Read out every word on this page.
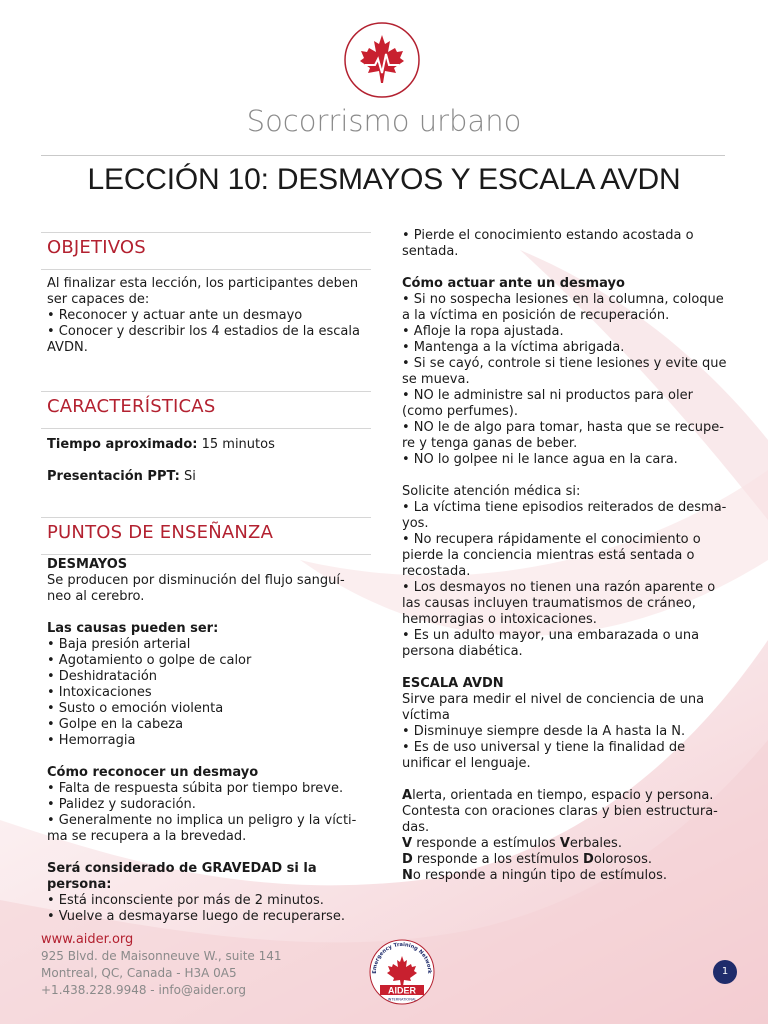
Socorrismo urbano
LECCIÓN 10: DESMAYOS Y ESCALA AVDN
OBJETIVOS
Al finalizar esta lección, los participantes deben
ser capaces de:
• Reconocer y actuar ante un desmayo
• Conocer y describir los 4 estadios de la escala
AVDN.
CARACTERÍSTICAS
Tiempo aproximado: 15 minutos
Presentación PPT: Si
PUNTOS DE ENSEÑANZA
DESMAYOS
Se producen por disminución del flujo sanguí-
neo al cerebro.
Las causas pueden ser:
• Baja presión arterial
• Agotamiento o golpe de calor
• Deshidratación
• Intoxicaciones
• Susto o emoción violenta
• Golpe en la cabeza
• Hemorragia
Cómo reconocer un desmayo
• Falta de respuesta súbita por tiempo breve.
• Palidez y sudoración.
• Generalmente no implica un peligro y la vícti-
ma se recupera a la brevedad.
Será considerado de GRAVEDAD si la persona:
• Está inconsciente por más de 2 minutos.
• Vuelve a desmayarse luego de recuperarse.
• Pierde el conocimiento estando acostada o
sentada.
Cómo actuar ante un desmayo
• Si no sospecha lesiones en la columna, coloque
a la víctima en posición de recuperación.
• Afloje la ropa ajustada.
• Mantenga a la víctima abrigada.
• Si se cayó, controle si tiene lesiones y evite que
se mueva.
• NO le administre sal ni productos para oler
(como perfumes).
• NO le de algo para tomar, hasta que se recupe-
re y tenga ganas de beber.
• NO lo golpee ni le lance agua en la cara.
Solicite atención médica si:
• La víctima tiene episodios reiterados de desma-
yos.
• No recupera rápidamente el conocimiento o
pierde la conciencia mientras está sentada o
recostada.
• Los desmayos no tienen una razón aparente o
las causas incluyen traumatismos de cráneo,
hemorragias o intoxicaciones.
• Es un adulto mayor, una embarazada o una
persona diabética.
ESCALA AVDN
Sirve para medir el nivel de conciencia de una
víctima
• Disminuye siempre desde la A hasta la N.
• Es de uso universal y tiene la finalidad de
unificar el lenguaje.
Alerta, orientada en tiempo, espacio y persona.
Contesta con oraciones claras y bien estructura-
das.
V responde a estímulos Verbales.
D responde a los estímulos Dolorosos.
No responde a ningún tipo de estímulos.
www.aider.org
925 Blvd. de Maisonneuve W., suite 141
Montreal, QC, Canada - H3A 0A5
+1.438.228.9948 - info@aider.org
Emergency Training Network
AIDER
INTERNATIONAL
1
